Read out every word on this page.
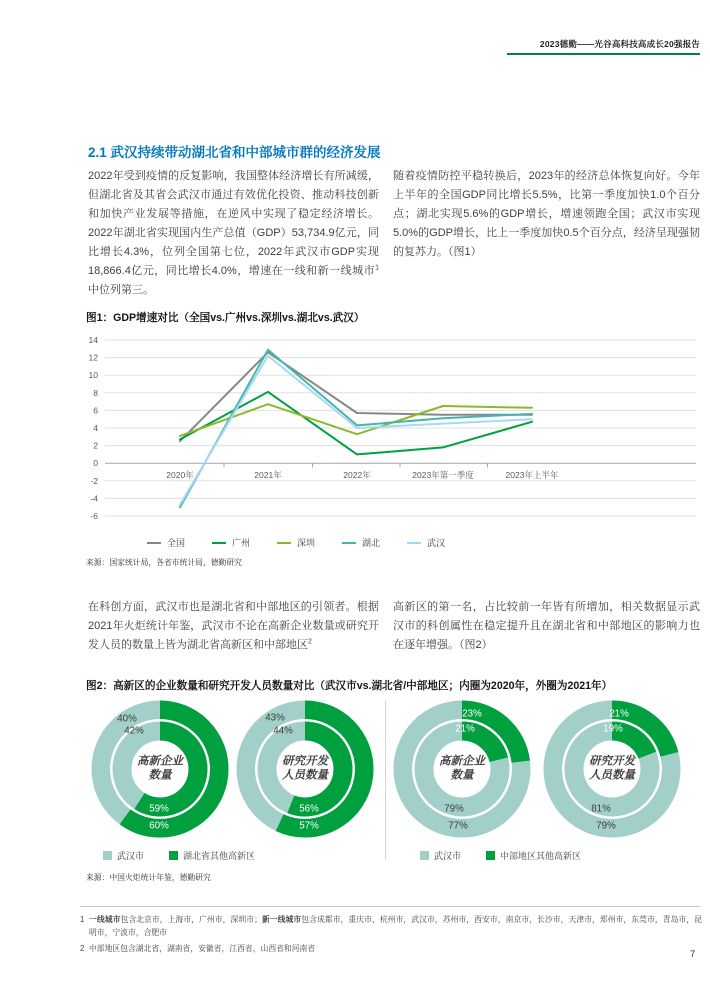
2023德勤——光谷高科技高成长20强报告
2.1 武汉持续带动湖北省和中部城市群的经济发展
2022年受到疫情的反复影响，我国整体经济增长有所减缓，但湖北省及其省会武汉市通过有效优化投资、推动科技创新和加快产业发展等措施，在逆风中实现了稳定经济增长。2022年湖北省实现国内生产总值（GDP）53,734.9亿元，同比增长4.3%，位列全国第七位，2022年武汉市GDP实现18,866.4亿元，同比增长4.0%，增速在一线和新一线城市$^1$中位列第三。
随着疫情防控平稳转换后，2023年的经济总体恢复向好。今年上半年的全国GDP同比增长5.5%，比第一季度加快1.0个百分点；湖北实现5.6%的GDP增长，增速领跑全国；武汉市实现5.0%的GDP增长，比上一季度加快0.5个百分点，经济呈现强韧的复苏力。（图1）
图1：GDP增速对比（全国vs.广州vs.深圳vs.湖北vs.武汉）
14
12
10
8
6
4
2
0
-2
-4
-6
2020年	2021年	2022年	2023年第一季度	2023年上半年
全国	广州	深圳	湖北	武汉
来源：国家统计局，各省市统计局，德勤研究
在科创方面，武汉市也是湖北省和中部地区的引领者。根据2021年火炬统计年鉴，武汉市不论在高新企业数量或研究开发人员的数量上皆为湖北省高新区和中部地区$^2$
高新区的第一名，占比较前一年皆有所增加，相关数据显示武汉市的科创属性在稳定提升且在湖北省和中部地区的影响力也在逐年增强。（图2）
图2：高新区的企业数量和研究开发人员数量对比（武汉市vs.湖北省/中部地区；内圈为2020年，外圈为2021年）
40%
42%
59%
60%
高新企业
数量
43%
44%
56%
57%
研究开发
人员数量
23%
21%
79%
77%
高新企业
数量
21%
19%
81%
79%
研究开发
人员数量
武汉市	湖北省其他高新区	武汉市	中部地区其他高新区
来源：中国火炬统计年鉴，德勤研究
1 一线城市包含北京市，上海市，广州市，深圳市；新一线城市包含成都市，重庆市，杭州市，武汉市，苏州市，西安市，南京市，长沙市，天津市，郑州市，东莞市，青岛市，昆明市，宁波市，合肥市
2 中部地区包含湖北省，湖南省，安徽省，江西省，山西省和河南省
7
